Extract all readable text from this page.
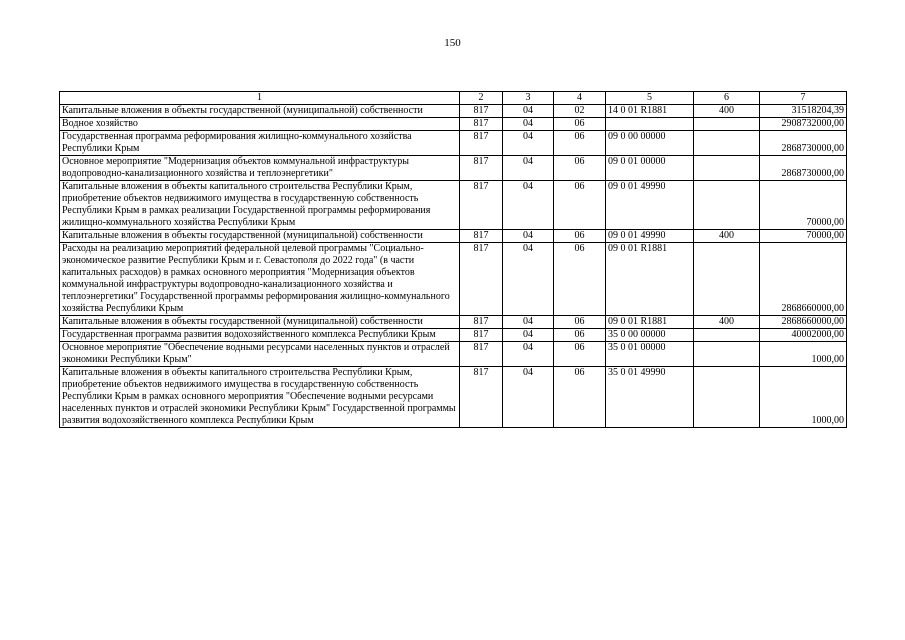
150
1	2	3	4	5	6	7
Капитальные вложения в объекты государственной (муниципальной) собственности	817	04	02	14 0 01 R1881	400	31518204,39
Водное хозяйство	817	04	06			2908732000,00
Государственная программа реформирования жилищно-коммунального хозяйства Республики Крым	817	04	06	09 0 00 00000		2868730000,00
Основное мероприятие "Модернизация объектов коммунальной инфраструктуры водопроводно-канализационного хозяйства и теплоэнергетики"	817	04	06	09 0 01 00000		2868730000,00
Капитальные вложения в объекты капитального строительства Республики Крым, приобретение объектов недвижимого имущества в государственную собственность Республики Крым в рамках реализации Государственной программы реформирования жилищно-коммунального хозяйства Республики Крым	817	04	06	09 0 01 49990		70000,00
Капитальные вложения в объекты государственной (муниципальной) собственности	817	04	06	09 0 01 49990	400	70000,00
Расходы на реализацию мероприятий федеральной целевой программы "Социально-экономическое развитие Республики Крым и г. Севастополя до 2022 года" (в части капитальных расходов) в рамках основного мероприятия "Модернизация объектов коммунальной инфраструктуры водопроводно-канализационного хозяйства и теплоэнергетики" Государственной программы реформирования жилищно-коммунального хозяйства Республики Крым	817	04	06	09 0 01 R1881		2868660000,00
Капитальные вложения в объекты государственной (муниципальной) собственности	817	04	06	09 0 01 R1881	400	2868660000,00
Государственная программа развития водохозяйственного комплекса Республики Крым	817	04	06	35 0 00 00000		40002000,00
Основное мероприятие "Обеспечение водными ресурсами населенных пунктов и отраслей экономики Республики Крым"	817	04	06	35 0 01 00000		1000,00
Капитальные вложения в объекты капитального строительства Республики Крым, приобретение объектов недвижимого имущества в государственную собственность Республики Крым в рамках основного мероприятия "Обеспечение водными ресурсами населенных пунктов и отраслей экономики Республики Крым" Государственной программы развития водохозяйственного комплекса Республики Крым	817	04	06	35 0 01 49990		1000,00
